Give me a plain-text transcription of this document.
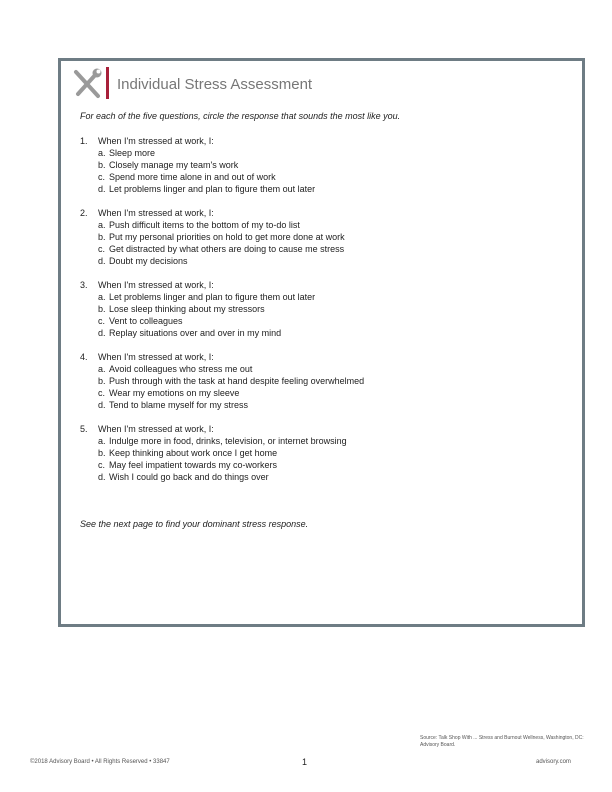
Individual Stress Assessment
For each of the five questions, circle the response that sounds the most like you.
1. When I'm stressed at work, I:
a. Sleep more
b. Closely manage my team's work
c. Spend more time alone in and out of work
d. Let problems linger and plan to figure them out later
2. When I'm stressed at work, I:
a. Push difficult items to the bottom of my to-do list
b. Put my personal priorities on hold to get more done at work
c. Get distracted by what others are doing to cause me stress
d. Doubt my decisions
3. When I'm stressed at work, I:
a. Let problems linger and plan to figure them out later
b. Lose sleep thinking about my stressors
c. Vent to colleagues
d. Replay situations over and over in my mind
4. When I'm stressed at work, I:
a. Avoid colleagues who stress me out
b. Push through with the task at hand despite feeling overwhelmed
c. Wear my emotions on my sleeve
d. Tend to blame myself for my stress
5. When I'm stressed at work, I:
a. Indulge more in food, drinks, television, or internet browsing
b. Keep thinking about work once I get home
c. May feel impatient towards my co-workers
d. Wish I could go back and do things over
See the next page to find your dominant stress response.
Source: Talk Shop With ... Stress and Burnout Wellness, Washington, DC: Advisory Board.
©2018 Advisory Board • All Rights Reserved • 33847	1	advisory.com
